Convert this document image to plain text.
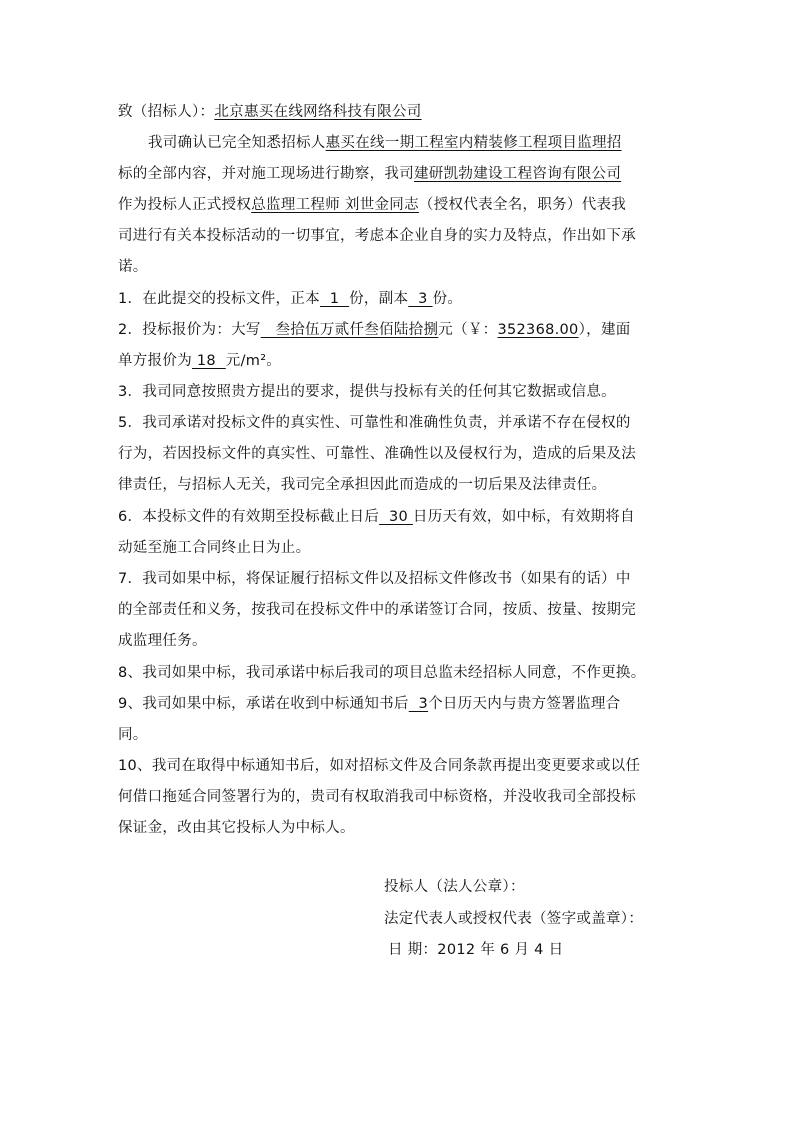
致（招标人）：北京惠买在线网络科技有限公司
我司确认已完全知悉招标人惠买在线一期工程室内精装修工程项目监理招
标的全部内容，并对施工现场进行勘察，我司建研凯勃建设工程咨询有限公司
作为投标人正式授权总监理工程师 刘世金同志（授权代表全名，职务）代表我
司进行有关本投标活动的一切事宜，考虑本企业自身的实力及特点，作出如下承
诺。
1．在此提交的投标文件，正本  1  份，副本  3 份。
2．投标报价为：大写   叁拾伍万贰仟叁佰陆拾捌元（￥：352368.00），建面
单方报价为 18  元/m²。
3．我司同意按照贵方提出的要求，提供与投标有关的任何其它数据或信息。
5．我司承诺对投标文件的真实性、可靠性和准确性负责，并承诺不存在侵权的
行为，若因投标文件的真实性、可靠性、准确性以及侵权行为，造成的后果及法
律责任，与招标人无关，我司完全承担因此而造成的一切后果及法律责任。
6．本投标文件的有效期至投标截止日后  30 日历天有效，如中标，有效期将自
动延至施工合同终止日为止。
7．我司如果中标，将保证履行招标文件以及招标文件修改书（如果有的话）中
的全部责任和义务，按我司在投标文件中的承诺签订合同，按质、按量、按期完
成监理任务。
8、我司如果中标，我司承诺中标后我司的项目总监未经招标人同意，不作更换。
9、我司如果中标，承诺在收到中标通知书后  3个日历天内与贵方签署监理合
同。
10、我司在取得中标通知书后，如对招标文件及合同条款再提出变更要求或以任
何借口拖延合同签署行为的，贵司有权取消我司中标资格，并没收我司全部投标
保证金，改由其它投标人为中标人。
投标人（法人公章）：
法定代表人或授权代表（签字或盖章）：
日 期：2012 年 6 月 4 日
